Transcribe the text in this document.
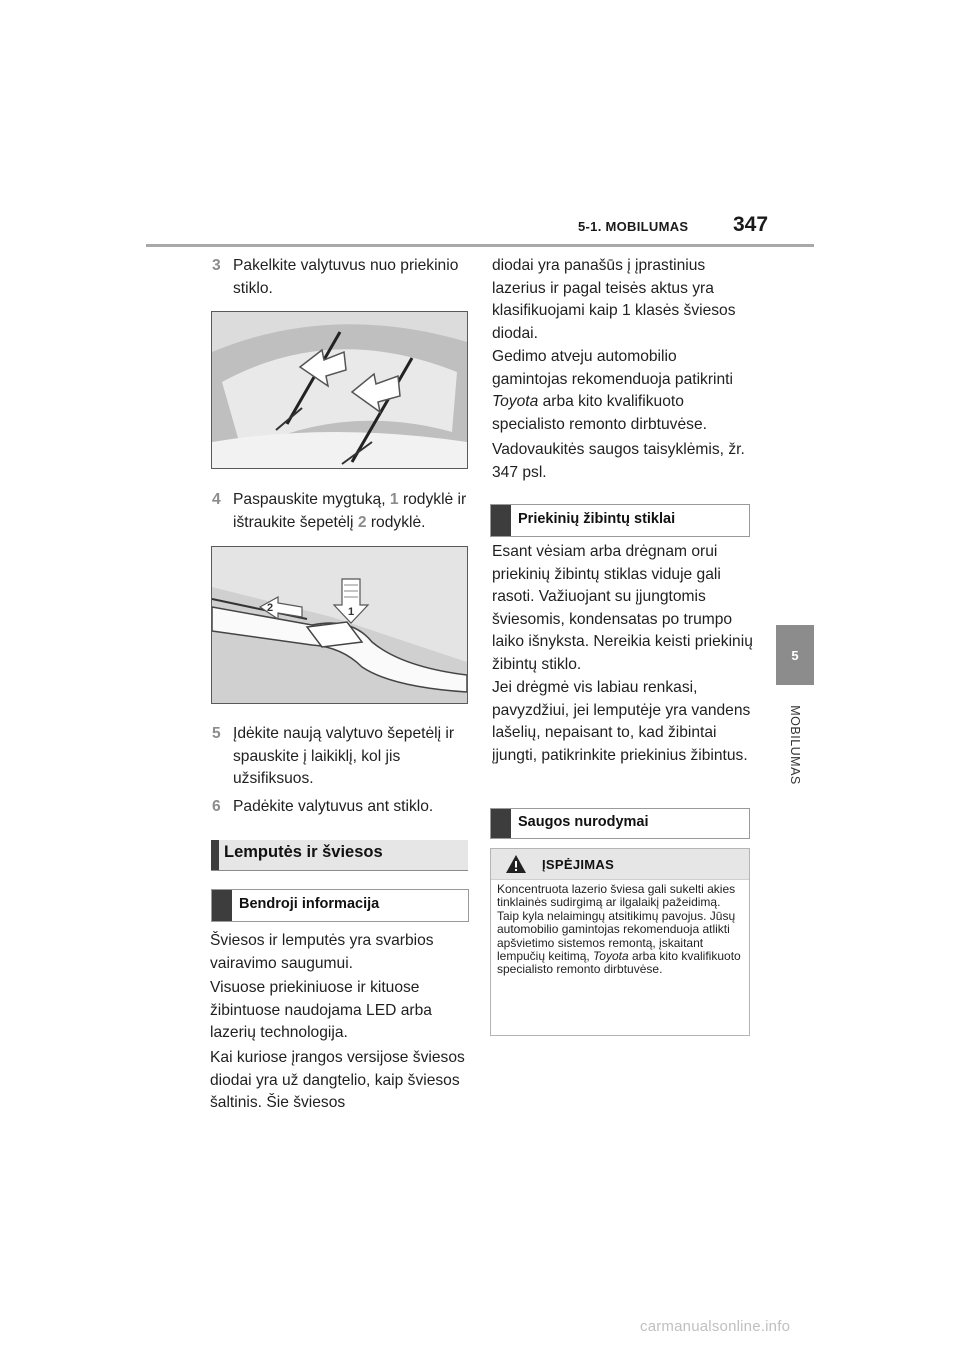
5-1. MOBILUMAS 347
5
MOBILUMAS
3 Pakelkite valytuvus nuo priekinio stiklo.
4 Paspauskite mygtuką, 1 rodyklė ir ištraukite šepetėlį 2 rodyklė.
2	1
5 Įdėkite naują valytuvo šepetėlį ir spauskite į laikiklį, kol jis užsifiksuos.
6 Padėkite valytuvus ant stiklo.
Lemputės ir šviesos
Bendroji informacija
Šviesos ir lemputės yra svarbios vairavimo saugumui.
Visuose priekiniuose ir kituose žibintuose naudojama LED arba lazerių technologija.
Kai kuriose įrangos versijose šviesos diodai yra už dangtelio, kaip šviesos šaltinis. Šie šviesos
diodai yra panašūs į įprastinius lazerius ir pagal teisės aktus yra klasifikuojami kaip 1 klasės šviesos diodai.
Gedimo atveju automobilio gamintojas rekomenduoja patikrinti Toyota arba kito kvalifikuoto specialisto remonto dirbtuvėse.
Vadovaukitės saugos taisyklėmis, žr. 347 psl.
Priekinių žibintų stiklai
Esant vėsiam arba drėgnam orui priekinių žibintų stiklas viduje gali rasoti. Važiuojant su įjungtomis šviesomis, kondensatas po trumpo laiko išnyksta. Nereikia keisti priekinių žibintų stiklo.
Jei drėgmė vis labiau renkasi, pavyzdžiui, jei lemputėje yra vandens lašelių, nepaisant to, kad žibintai įjungti, patikrinkite priekinius žibintus.
Saugos nurodymai
ĮSPĖJIMAS
Koncentruota lazerio šviesa gali sukelti akies tinklainės sudirgimą ar ilgalaikį pažeidimą. Taip kyla nelaimingų atsitikimų pavojus. Jūsų automobilio gamintojas rekomenduoja atlikti apšvietimo sistemos remontą, įskaitant lempučių keitimą, Toyota arba kito kvalifikuoto specialisto remonto dirbtuvėse.
carmanualsonline.info
